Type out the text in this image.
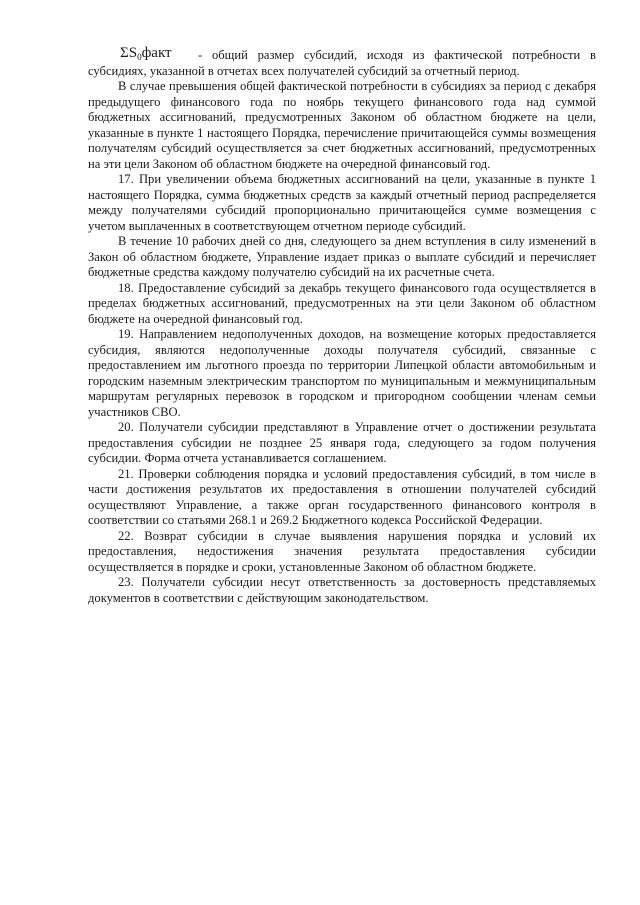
$\Sigma S_0факт$	- общий размер субсидий, исходя из фактической потребности в субсидиях, указанной в отчетах всех получателей субсидий за отчетный период.

В случае превышения общей фактической потребности в субсидиях за период с декабря предыдущего финансового года по ноябрь текущего финансового года над суммой бюджетных ассигнований, предусмотренных Законом об областном бюджете на цели, указанные в пункте 1 настоящего Порядка, перечисление причитающейся суммы возмещения получателям субсидий осуществляется за счет бюджетных ассигнований, предусмотренных на эти цели Законом об областном бюджете на очередной финансовый год.

17. При увеличении объема бюджетных ассигнований на цели, указанные в пункте 1 настоящего Порядка, сумма бюджетных средств за каждый отчетный период распределяется между получателями субсидий пропорционально причитающейся сумме возмещения с учетом выплаченных в соответствующем отчетном периоде субсидий.

В течение 10 рабочих дней со дня, следующего за днем вступления в силу изменений в Закон об областном бюджете, Управление издает приказ о выплате субсидий и перечисляет бюджетные средства каждому получателю субсидий на их расчетные счета.

18. Предоставление субсидий за декабрь текущего финансового года осуществляется в пределах бюджетных ассигнований, предусмотренных на эти цели Законом об областном бюджете на очередной финансовый год.

19. Направлением недополученных доходов, на возмещение которых предоставляется субсидия, являются недополученные доходы получателя субсидий, связанные с предоставлением им льготного проезда по территории Липецкой области автомобильным и городским наземным электрическим транспортом по муниципальным и межмуниципальным маршрутам регулярных перевозок в городском и пригородном сообщении членам семьи участников СВО.

20. Получатели субсидии представляют в Управление отчет о достижении результата предоставления субсидии не позднее 25 января года, следующего за годом получения субсидии. Форма отчета устанавливается соглашением.

21. Проверки соблюдения порядка и условий предоставления субсидий, в том числе в части достижения результатов их предоставления в отношении получателей субсидий осуществляют Управление, а также орган государственного финансового контроля в соответствии со статьями 268.1 и 269.2 Бюджетного кодекса Российской Федерации.

22. Возврат субсидии в случае выявления нарушения порядка и условий их предоставления, недостижения значения результата предоставления субсидии осуществляется в порядке и сроки, установленные Законом об областном бюджете.

23. Получатели субсидии несут ответственность за достоверность представляемых документов в соответствии с действующим законодательством.
